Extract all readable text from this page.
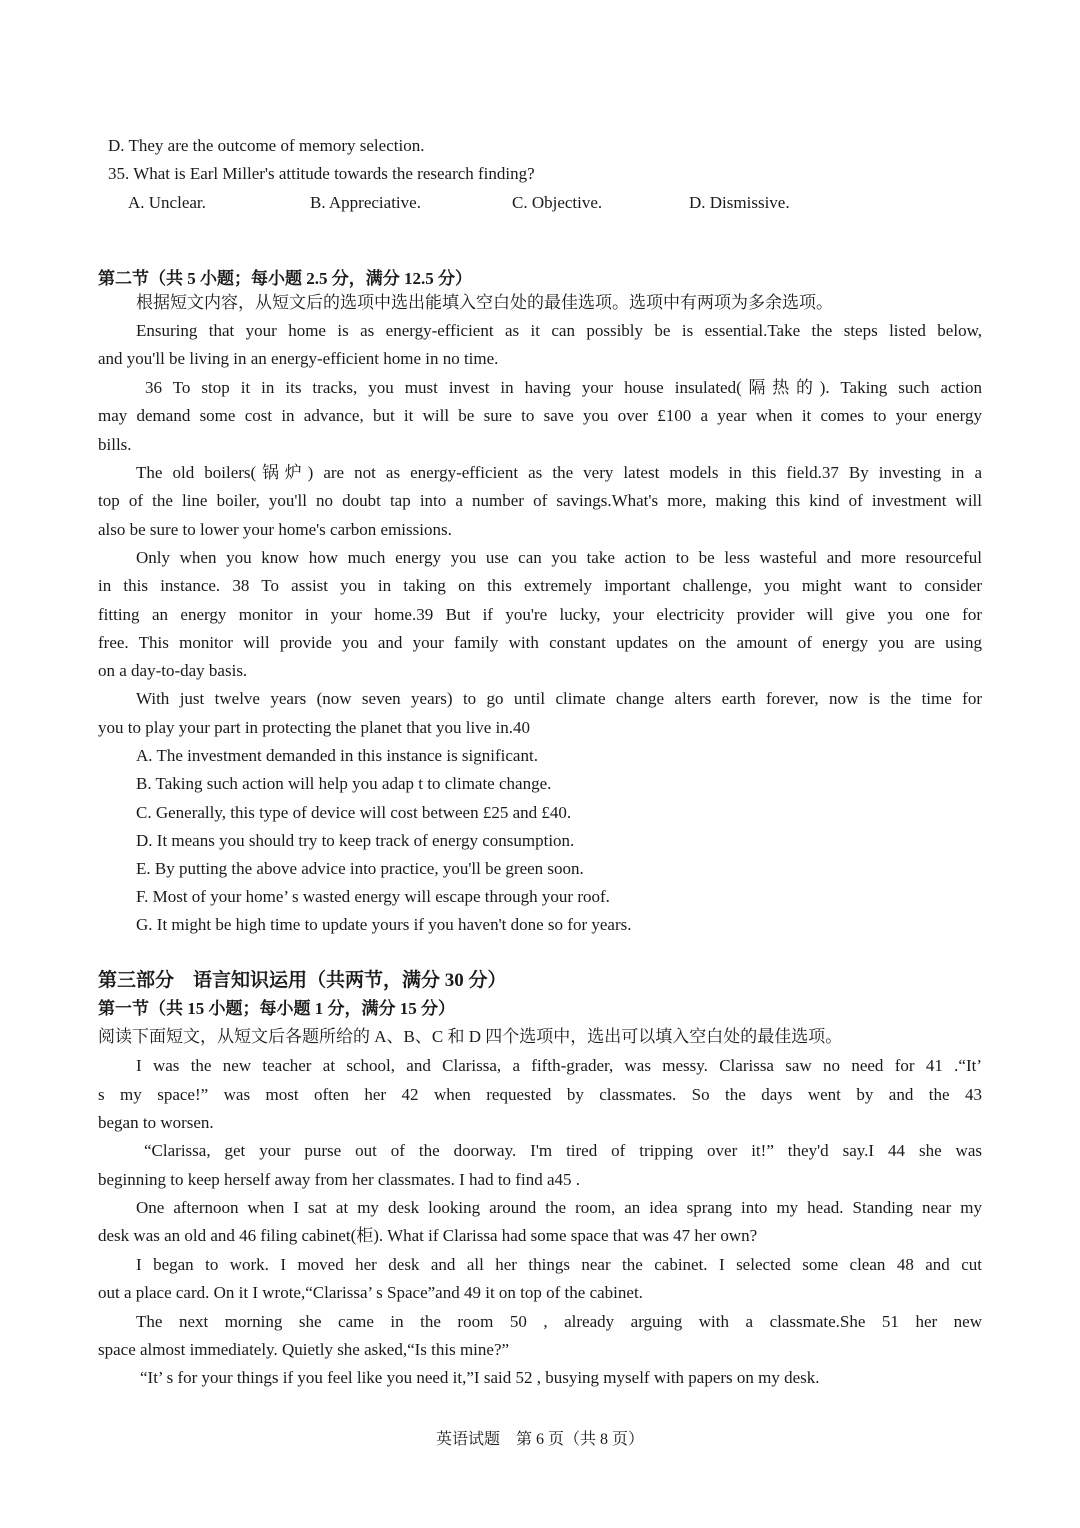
D. They are the outcome of memory selection.
35. What is Earl Miller's attitude towards the research finding?
A. Unclear.	B. Appreciative.	C. Objective.	D. Dismissive.
第二节（共 5 小题；每小题 2.5 分，满分 12.5 分）
根据短文内容，从短文后的选项中选出能填入空白处的最佳选项。选项中有两项为多余选项。
Ensuring that your home is as energy-efficient as it can possibly be is essential.Take the steps listed below,
and you'll be living in an energy-efficient home in no time.
36 To stop it in its tracks, you must invest in having your house insulated(隔热的). Taking such action
may demand some cost in advance, but it will be sure to save you over £100 a year when it comes to your energy
bills.
The old boilers(锅炉) are not as energy-efficient as the very latest models in this field.37 By investing in a
top of the line boiler, you'll no doubt tap into a number of savings.What's more, making this kind of investment will
also be sure to lower your home's carbon emissions.
Only when you know how much energy you use can you take action to be less wasteful and more resourceful
in this instance. 38 To assist you in taking on this extremely important challenge, you might want to consider
fitting an energy monitor in your home.39 But if you're lucky, your electricity provider will give you one for
free. This monitor will provide you and your family with constant updates on the amount of energy you are using
on a day-to-day basis.
With just twelve years (now seven years) to go until climate change alters earth forever, now is the time for
you to play your part in protecting the planet that you live in.40
A. The investment demanded in this instance is significant.
B. Taking such action will help you adap t to climate change.
C. Generally, this type of device will cost between £25 and £40.
D. It means you should try to keep track of energy consumption.
E. By putting the above advice into practice, you'll be green soon.
F. Most of your home’ s wasted energy will escape through your roof.
G. It might be high time to update yours if you haven't done so for years.
第三部分　语言知识运用（共两节，满分 30 分）
第一节（共 15 小题；每小题 1 分，满分 15 分）
阅读下面短文，从短文后各题所给的 A、B、C 和 D 四个选项中，选出可以填入空白处的最佳选项。
I was the new teacher at school, and Clarissa, a fifth-grader, was messy. Clarissa saw no need for 41 .“It’
s my space!” was most often her 42 when requested by classmates. So the days went by and the 43
began to worsen.
“Clarissa, get your purse out of the doorway. I'm tired of tripping over it!” they'd say.I 44 she was
beginning to keep herself away from her classmates. I had to find a45 .
One afternoon when I sat at my desk looking around the room, an idea sprang into my head. Standing near my
desk was an old and 46 filing cabinet(柜). What if Clarissa had some space that was 47 her own?
I began to work. I moved her desk and all her things near the cabinet. I selected some clean 48 and cut
out a place card. On it I wrote,“Clarissa’ s Space”and 49 it on top of the cabinet.
The next morning she came in the room 50 , already arguing with a classmate.She 51 her new
space almost immediately. Quietly she asked,“Is this mine?”
“It’ s for your things if you feel like you need it,”I said 52 , busying myself with papers on my desk.
英语试题　第 6 页（共 8 页）
